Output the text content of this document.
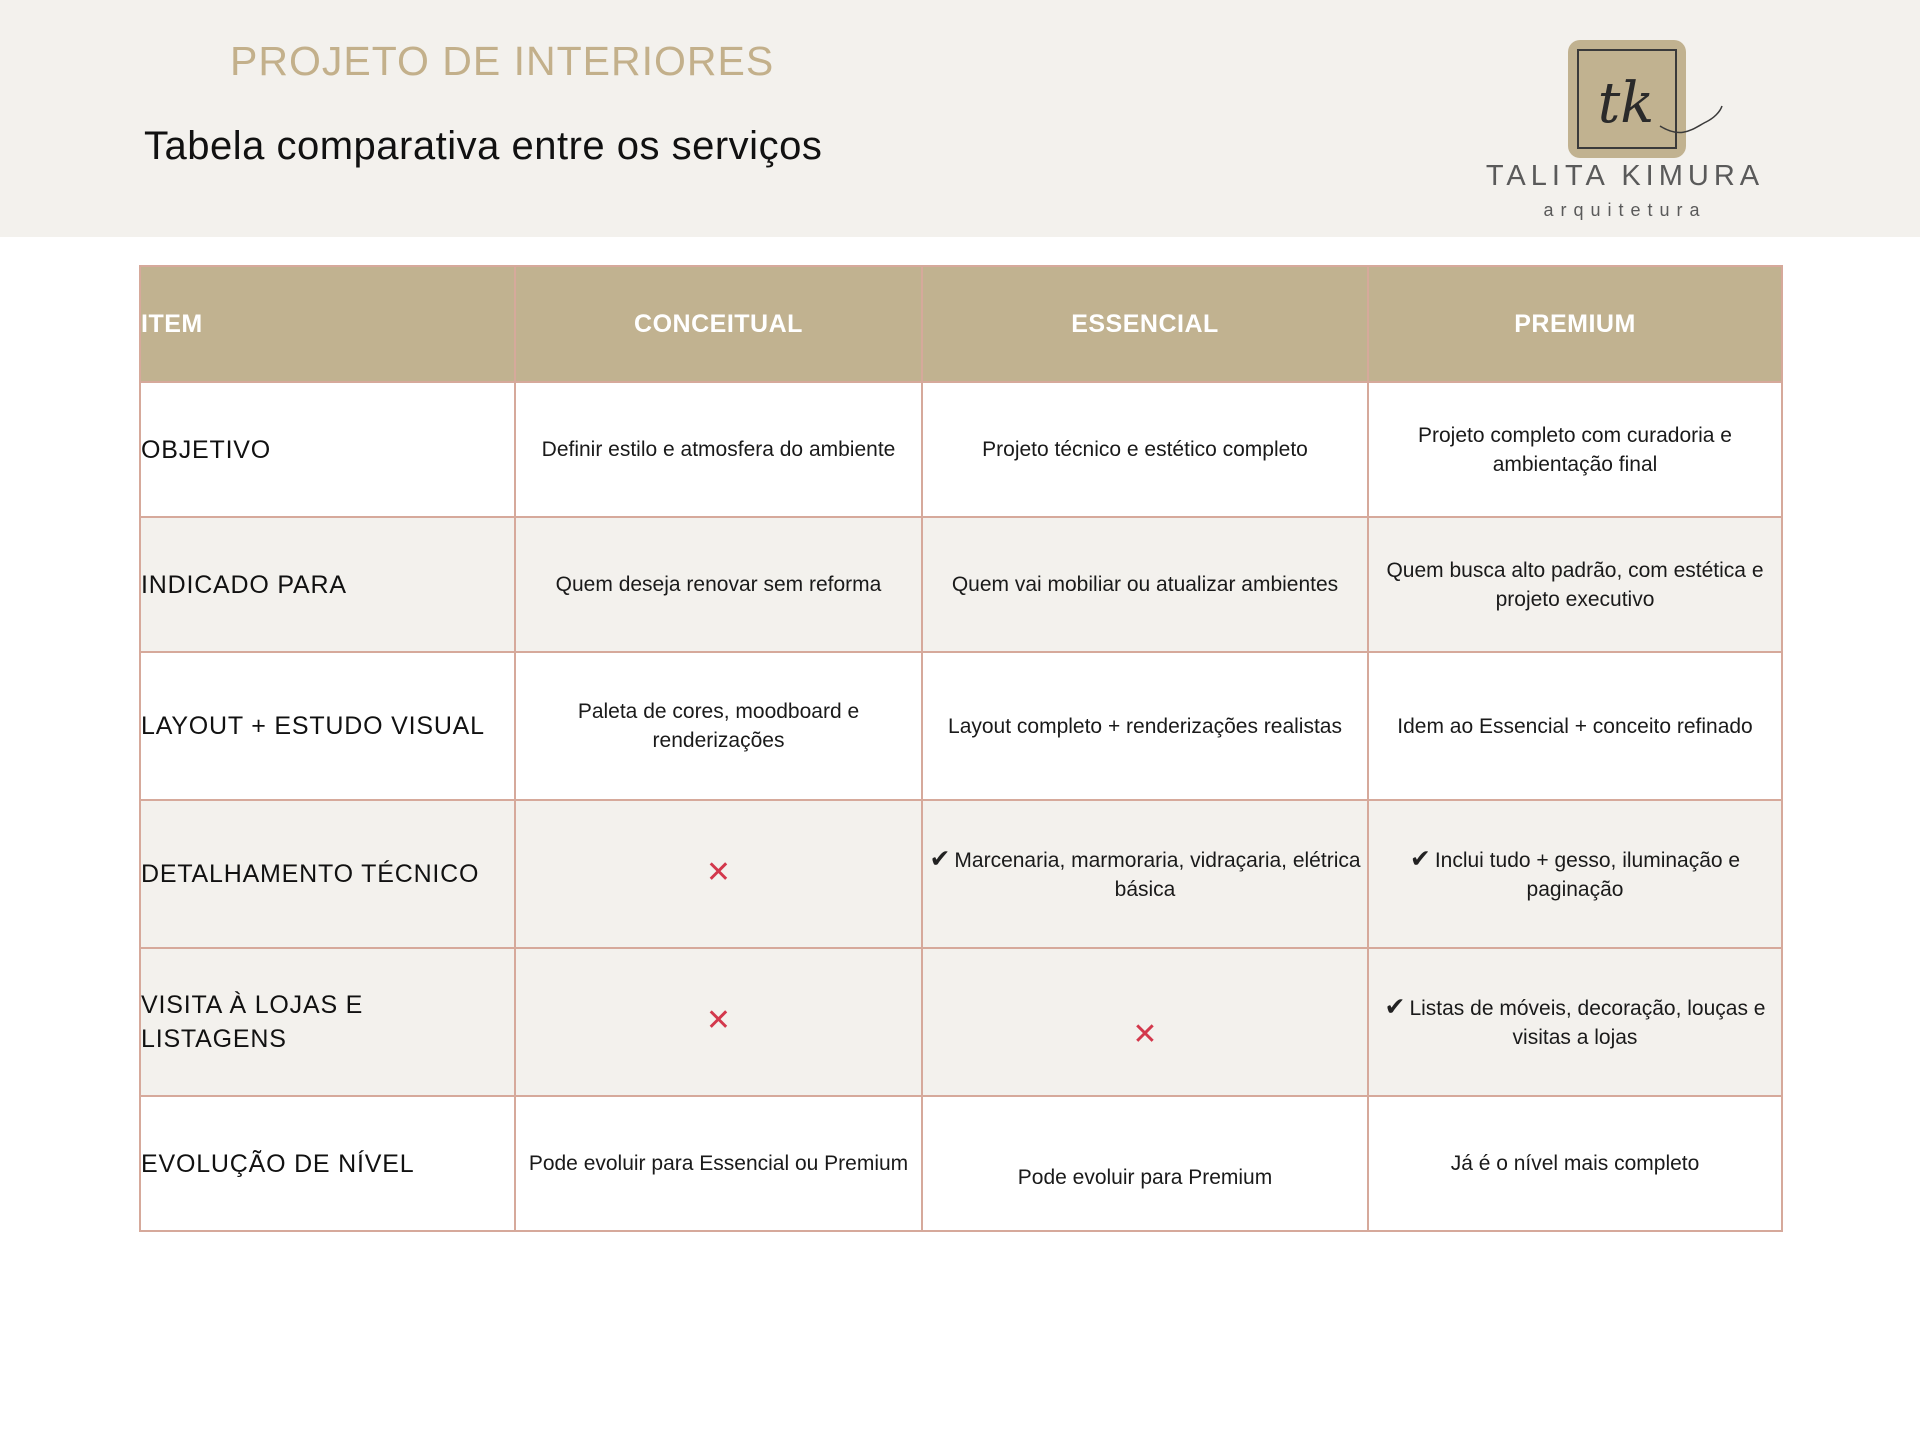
PROJETO DE INTERIORES
Tabela comparativa entre os serviços
tk
TALITA KIMURA
arquitetura
ITEM	CONCEITUAL	ESSENCIAL	PREMIUM
OBJETIVO	Definir estilo e atmosfera do ambiente	Projeto técnico e estético completo	Projeto completo com curadoria e ambientação final
INDICADO PARA	Quem deseja renovar sem reforma	Quem vai mobiliar ou atualizar ambientes	Quem busca alto padrão, com estética e projeto executivo
LAYOUT + ESTUDO VISUAL	Paleta de cores, moodboard e renderizações	Layout completo + renderizações realistas	Idem ao Essencial + conceito refinado
DETALHAMENTO TÉCNICO	✕	✔ Marcenaria, marmoraria, vidraçaria, elétrica básica	✔ Inclui tudo + gesso, iluminação e paginação
VISITA À LOJAS E LISTAGENS	✕	✕	✔ Listas de móveis, decoração, louças e visitas a lojas
EVOLUÇÃO DE NÍVEL	Pode evoluir para Essencial ou Premium	Pode evoluir para Premium	Já é o nível mais completo
